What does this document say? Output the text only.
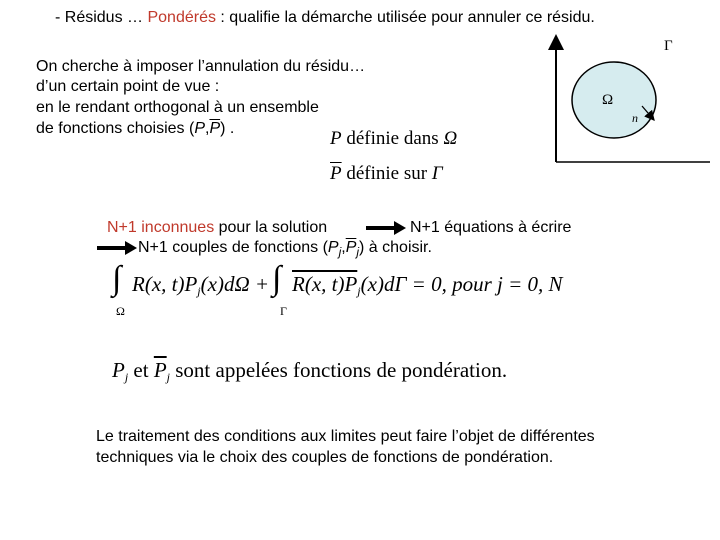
- Résidus … Pondérés : qualifie la démarche utilisée pour annuler ce résidu.
On cherche à imposer l’annulation du résidu…
d’un certain point de vue :
en le rendant orthogonal à un ensemble
de fonctions choisies $(P,\overline{P})$ .	P définie dans Ω
$\overline{P}$ définie sur Γ
Ω
n
Γ
N+1 inconnues pour la solution	N+1 équations à écrire
N+1 couples de fonctions $(P_j,\overline{P}_j)$ à choisir.
∫ R(x, $t)P_j(x)d\Omega$ + ∫ R(x, $t)P_j(x)d\Gamma = 0$, pour j = 0, N
Ω	Γ
$P_j$ et $\overline{P}_j$ sont appelées fonctions de pondération.
Le traitement des conditions aux limites peut faire l’objet de différentes
techniques via le choix des couples de fonctions de pondération.
